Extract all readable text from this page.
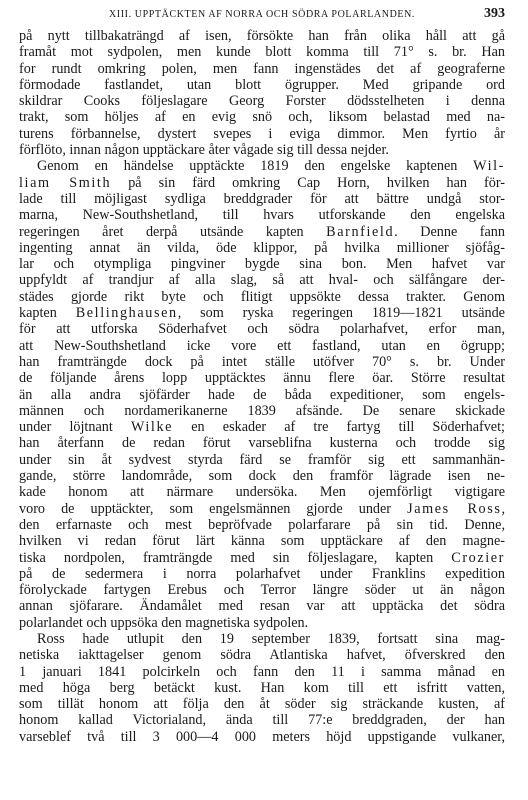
XIII. UPPTÄCKTEN AF NORRA OCH SÖDRA POLARLANDEN.	393
på nytt tillbakaträngd af isen, försökte han från olika håll att gå
framåt mot sydpolen, men kunde blott komma till 71° s. br. Han
for rundt omkring polen, men fann ingenstädes det af geograferne
förmodade fastlandet, utan blott ögrupper. Med gripande ord
skildrar Cooks följeslagare Georg Forster dödsstelheten i denna
trakt, som höljes af en evig snö och, liksom belastad med na-
turens förbannelse, dystert svepes i eviga dimmor. Men fyrtio år
förflöto, innan någon upptäckare åter vågade sig till dessa nejder.
Genom en händelse upptäckte 1819 den engelske kaptenen Wil-
liam Smith på sin färd omkring Cap Horn, hvilken han för-
lade till möjligast sydliga breddgrader för att bättre undgå stor-
marna, New-Southshetland, till hvars utforskande den engelska
regeringen året derpå utsände kapten Barnfield. Denne fann
ingenting annat än vilda, öde klippor, på hvilka millioner sjöfåg-
lar och otympliga pingviner bygde sina bon. Men hafvet var
uppfyldt af trandjur af alla slag, så att hval- och sälfångare der-
städes gjorde rikt byte och flitigt uppsökte dessa trakter. Genom
kapten Bellinghausen, som ryska regeringen 1819—1821 utsände
för att utforska Söderhafvet och södra polarhafvet, erfor man,
att New-Southshetland icke vore ett fastland, utan en ögrupp;
han framträngde dock på intet ställe utöfver 70° s. br. Under
de följande årens lopp upptäcktes ännu flere öar. Större resultat
än alla andra sjöfärder hade de båda expeditioner, som engels-
männen och nordamerikanerne 1839 afsände. De senare skickade
under löjtnant Wilke en eskader af tre fartyg till Söderhafvet;
han återfann de redan förut varseblifna kusterna och trodde sig
under sin åt sydvest styrda färd se framför sig ett sammanhän-
gande, större landområde, som dock den framför lägrade isen ne-
kade honom att närmare undersöka. Men ojemförligt vigtigare
voro de upptäckter, som engelsmännen gjorde under James Ross,
den erfarnaste och mest bepröfvade polarfarare på sin tid. Denne,
hvilken vi redan förut lärt känna som upptäckare af den magne-
tiska nordpolen, framträngde med sin följeslagare, kapten Crozier
på de sedermera i norra polarhafvet under Franklins expedition
förolyckade fartygen Erebus och Terror längre söder ut än någon
annan sjöfarare. Ändamålet med resan var att upptäcka det södra
polarlandet och uppsöka den magnetiska sydpolen.
Ross hade utlupit den 19 september 1839, fortsatt sina mag-
netiska iakttagelser genom södra Atlantiska hafvet, öfverskred den
1 januari 1841 polcirkeln och fann den 11 i samma månad en
med höga berg betäckt kust. Han kom till ett isfritt vatten,
som tillät honom att följa den åt söder sig sträckande kusten, af
honom kallad Victorialand, ända till 77:e breddgraden, der han
varseblef två till 3 000—4 000 meters höjd uppstigande vulkaner,
